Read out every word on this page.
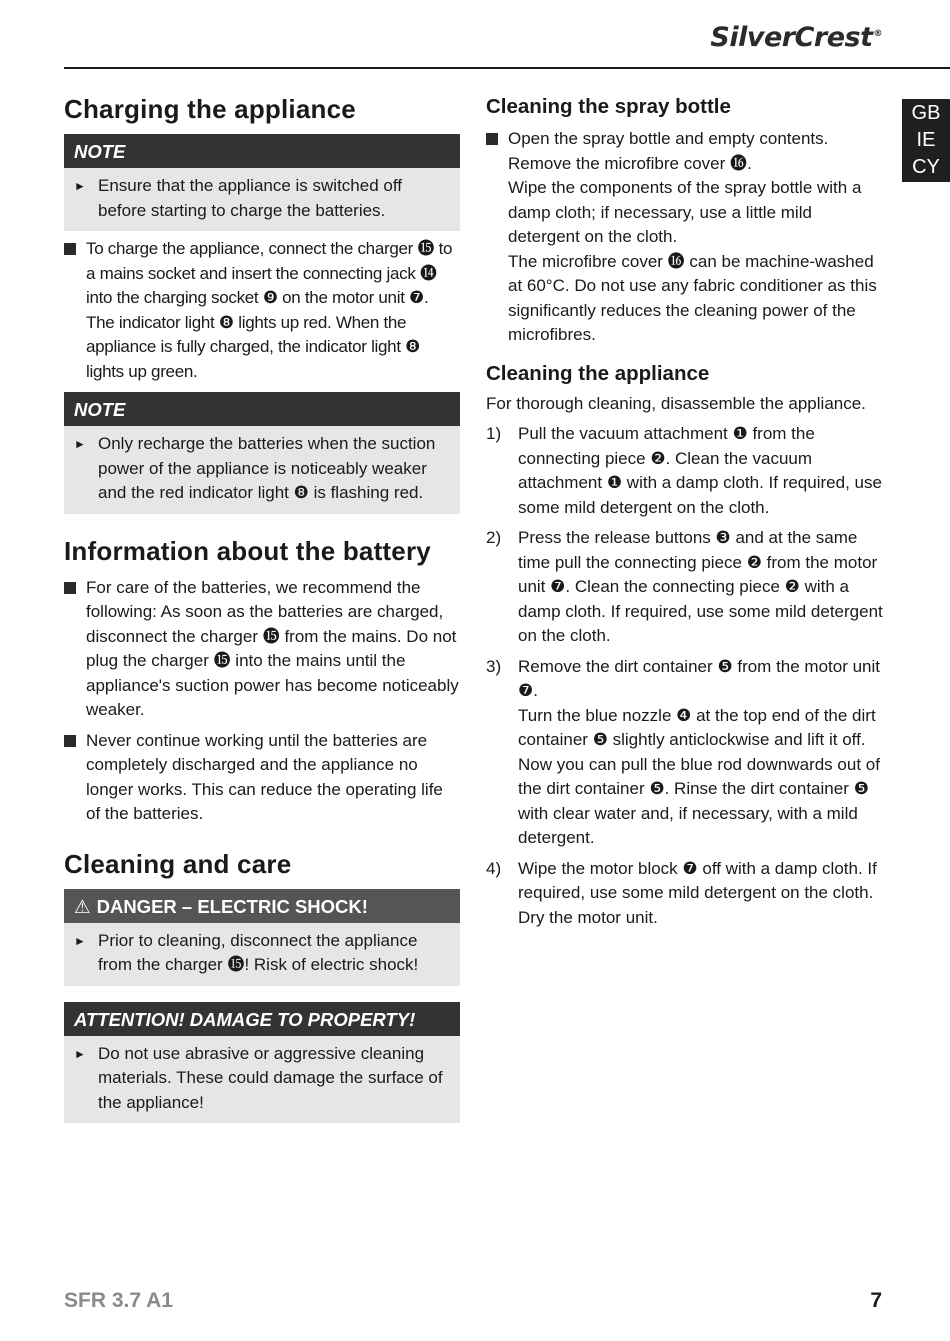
SilverCrest®
GB
IE
CY
Charging the appliance
NOTE
► Ensure that the appliance is switched off before starting to charge the batteries.
To charge the appliance, connect the charger ⓯ to a mains socket and insert the connecting jack ⓮ into the charging socket ❾ on the motor unit ❼. The indicator light ❽ lights up red. When the appliance is fully charged, the indicator light ❽ lights up green.
NOTE
► Only recharge the batteries when the suction power of the appliance is noticeably weaker and the red indicator light ❽ is flashing red.
Information about the battery
For care of the batteries, we recommend the following: As soon as the batteries are charged, disconnect the charger ⓯ from the mains. Do not plug the charger ⓯ into the mains until the appliance's suction power has become noticeably weaker.
Never continue working until the batteries are completely discharged and the appliance no longer works. This can reduce the operating life of the batteries.
Cleaning and care
⚠ DANGER – ELECTRIC SHOCK!
► Prior to cleaning, disconnect the appliance from the charger ⓯! Risk of electric shock!
ATTENTION! DAMAGE TO PROPERTY!
► Do not use abrasive or aggressive cleaning materials. These could damage the surface of the appliance!
Cleaning the spray bottle
Open the spray bottle and empty contents.
Remove the microfibre cover ⓰.
Wipe the components of the spray bottle with a damp cloth; if necessary, use a little mild detergent on the cloth.
The microfibre cover ⓰ can be machine-washed at 60°C. Do not use any fabric conditioner as this significantly reduces the cleaning power of the microfibres.
Cleaning the appliance
For thorough cleaning, disassemble the appliance.
1) Pull the vacuum attachment ❶ from the connecting piece ❷. Clean the vacuum attachment ❶ with a damp cloth. If required, use some mild detergent on the cloth.
2) Press the release buttons ❸ and at the same time pull the connecting piece ❷ from the motor unit ❼. Clean the connecting piece ❷ with a damp cloth. If required, use some mild detergent on the cloth.
3) Remove the dirt container ❺ from the motor unit ❼.
Turn the blue nozzle ❹ at the top end of the dirt container ❺ slightly anticlockwise and lift it off. Now you can pull the blue rod downwards out of the dirt container ❺. Rinse the dirt container ❺ with clear water and, if necessary, with a mild detergent.
4) Wipe the motor block ❼ off with a damp cloth. If required, use some mild detergent on the cloth. Dry the motor unit.
SFR 3.7 A1	7
